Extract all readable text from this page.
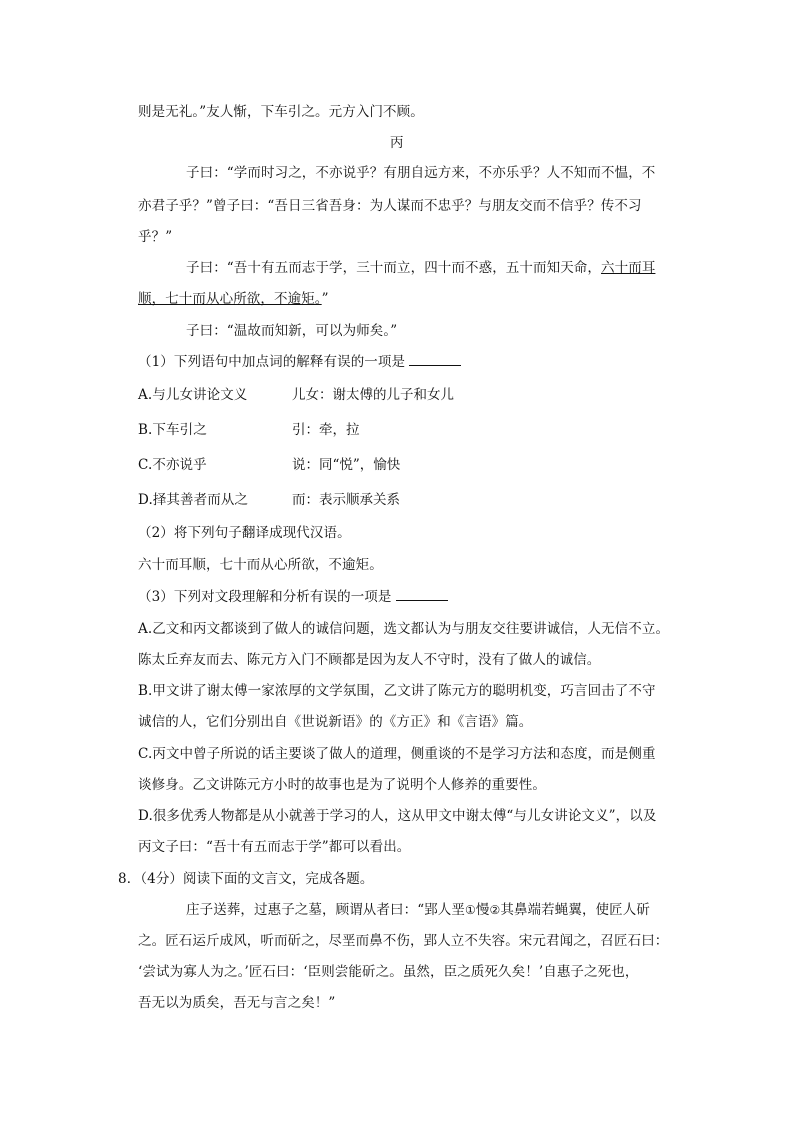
则是无礼。”友人惭，下车引之。元方入门不顾。
丙
子曰：“学而时习之，不亦说乎？有朋自远方来，不亦乐乎？人不知而不愠，不
亦君子乎？”曾子曰：“吾日三省吾身：为人谋而不忠乎？与朋友交而不信乎？传不习
乎？”
子曰：“吾十有五而志于学，三十而立，四十而不惑，五十而知天命，六十而耳
顺，七十而从心所欲，不逾矩。”
子曰：“温故而知新，可以为师矣。”
（1）下列语句中加点词的解释有误的一项是
A.与儿女讲论文义	儿女：谢太傅的儿子和女儿
B.下车引之	引：牵，拉
C.不亦说乎	说：同“悦”，愉快
D.择其善者而从之	而：表示顺承关系
（2）将下列句子翻译成现代汉语。
六十而耳顺，七十而从心所欲，不逾矩。
（3）下列对文段理解和分析有误的一项是
A.乙文和丙文都谈到了做人的诚信问题，选文都认为与朋友交往要讲诚信，人无信不立。
陈太丘弃友而去、陈元方入门不顾都是因为友人不守时，没有了做人的诚信。
B.甲文讲了谢太傅一家浓厚的文学氛围，乙文讲了陈元方的聪明机变，巧言回击了不守
诚信的人，它们分别出自《世说新语》的《方正》和《言语》篇。
C.丙文中曾子所说的话主要谈了做人的道理，侧重谈的不是学习方法和态度，而是侧重
谈修身。乙文讲陈元方小时的故事也是为了说明个人修养的重要性。
D.很多优秀人物都是从小就善于学习的人，这从甲文中谢太傅“与儿女讲论文义”，以及
丙文子曰：“吾十有五而志于学”都可以看出。
8．（4分）阅读下面的文言文，完成各题。
庄子送葬，过惠子之墓，顾谓从者曰：“郢人垩①慢②其鼻端若蝇翼，使匠人斫
之。匠石运斤成风，听而斫之，尽垩而鼻不伤，郢人立不失容。宋元君闻之，召匠石曰：
‘尝试为寡人为之。’匠石曰：‘臣则尝能斫之。虽然，臣之质死久矣！’自惠子之死也，
吾无以为质矣，吾无与言之矣！”
